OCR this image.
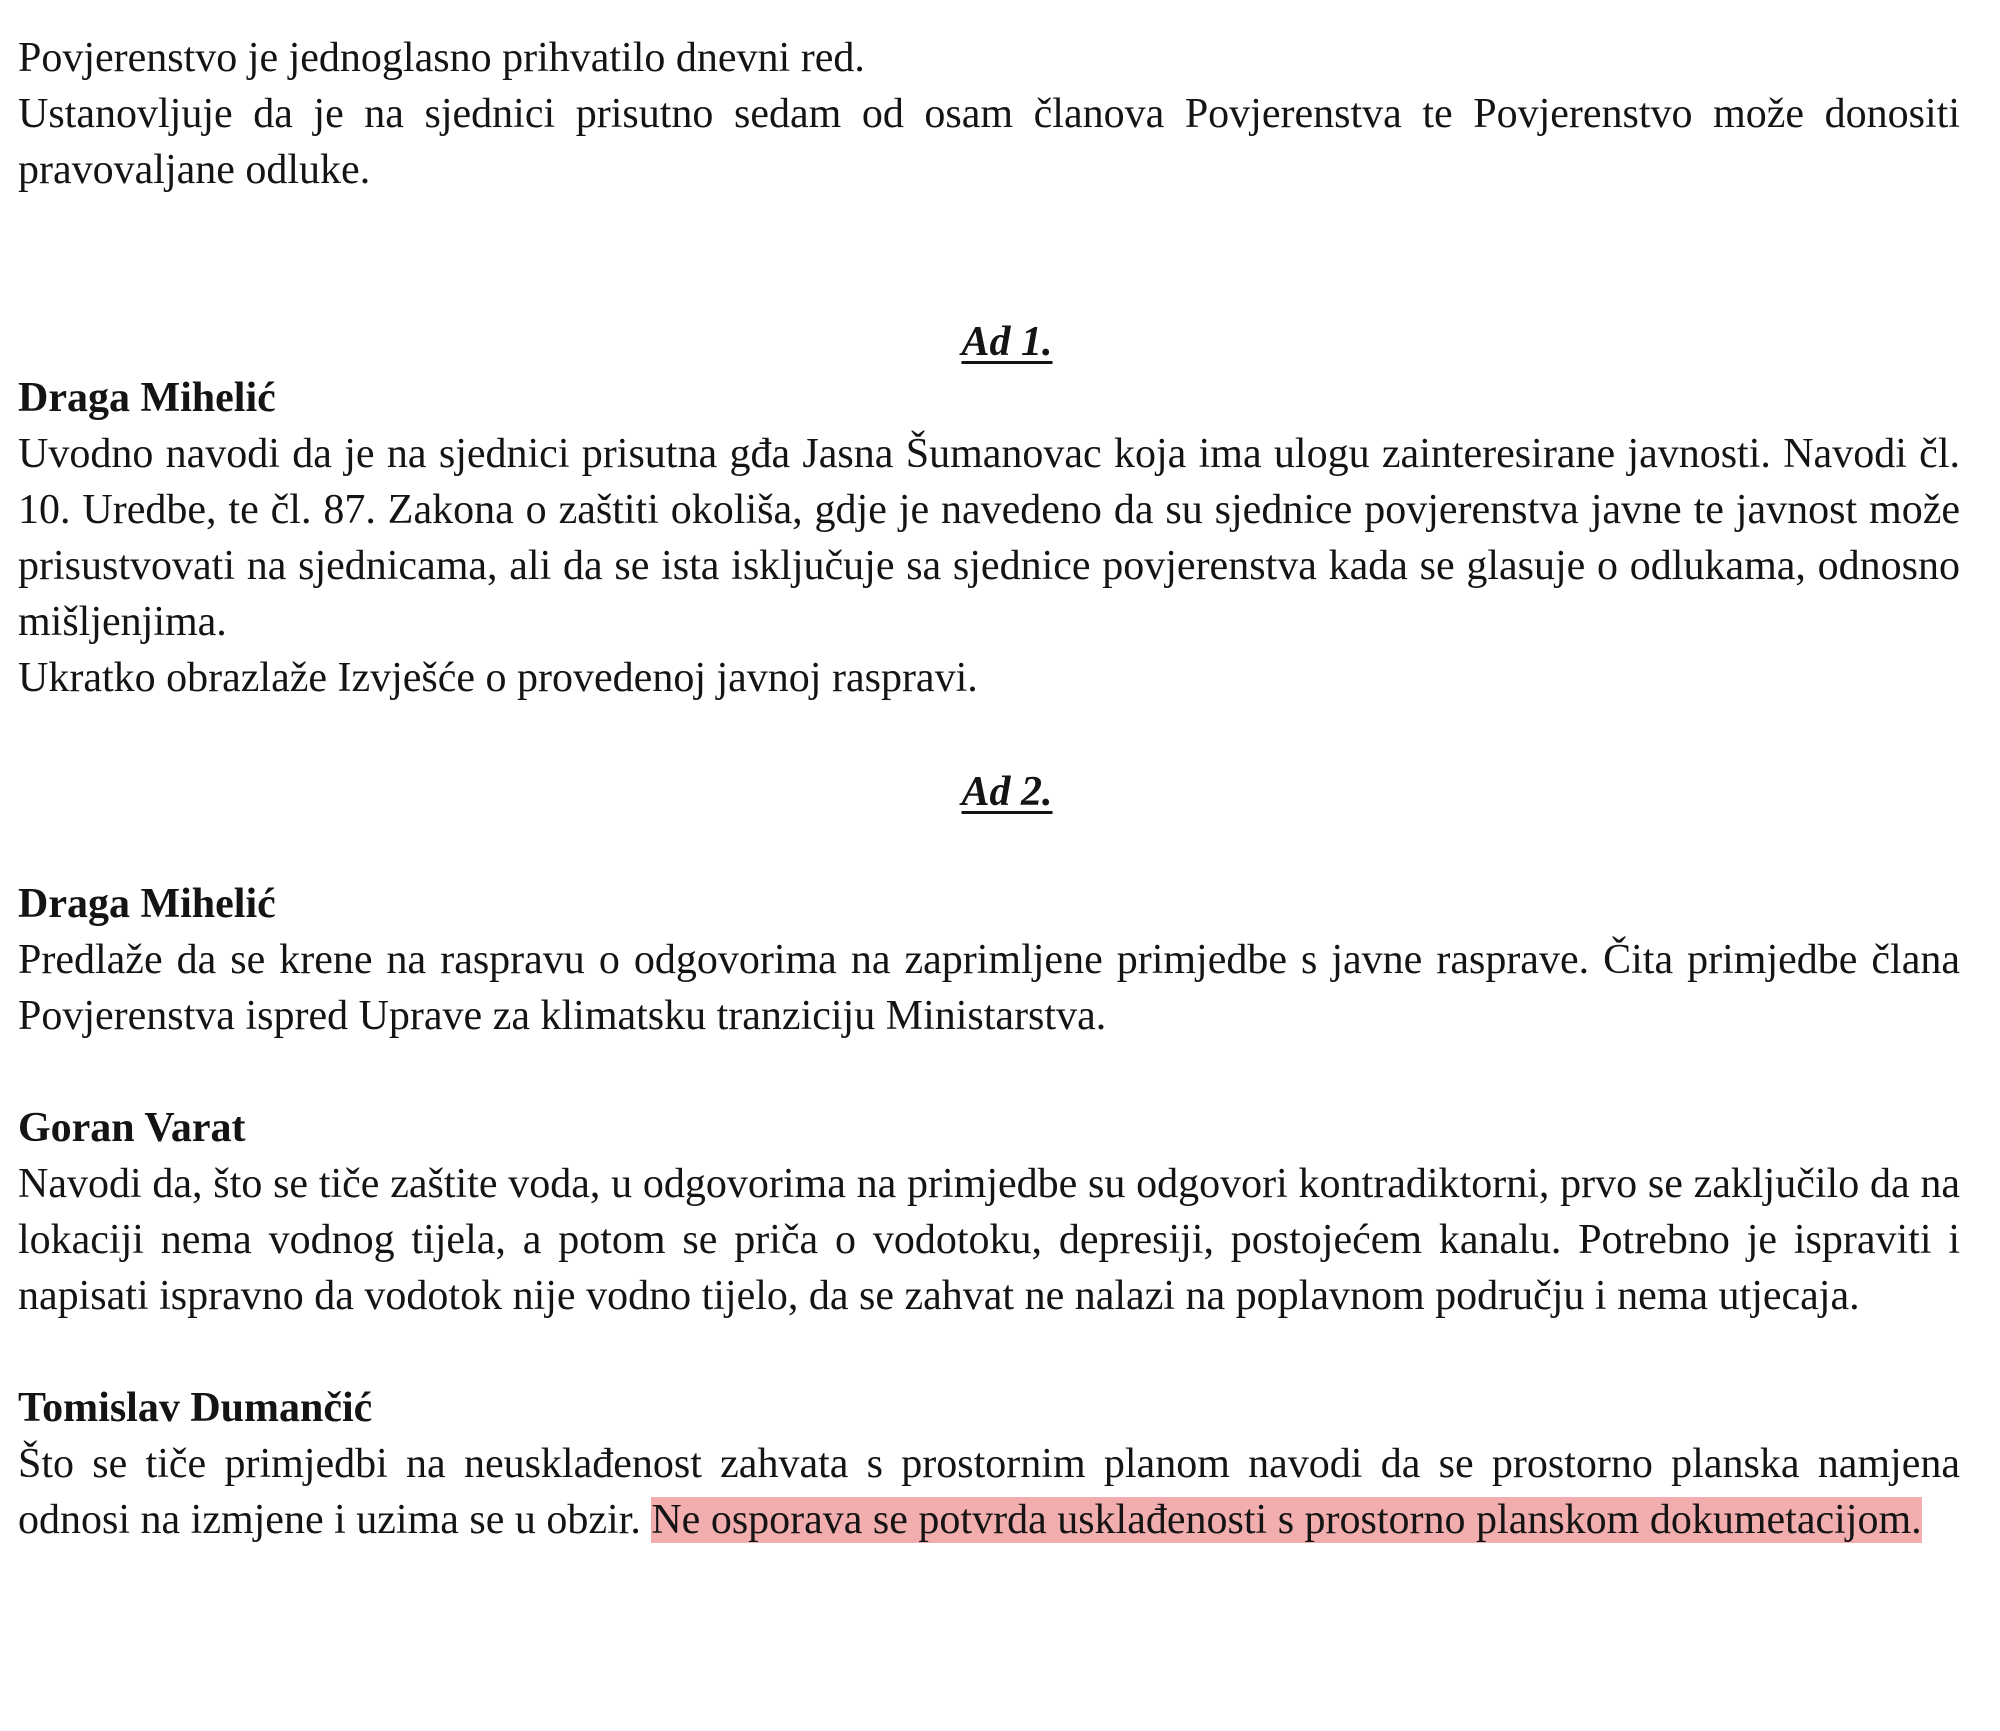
Povjerenstvo je jednoglasno prihvatilo dnevni red.

Ustanovljuje da je na sjednici prisutno sedam od osam članova Povjerenstva te Povjerenstvo može donositi pravovaljane odluke.

Ad 1.
Draga Mihelić

Uvodno navodi da je na sjednici prisutna gđa Jasna Šumanovac koja ima ulogu zainteresirane javnosti. Navodi čl. 10. Uredbe, te čl. 87. Zakona o zaštiti okoliša, gdje je navedeno da su sjednice povjerenstva javne te javnost može prisustvovati na sjednicama, ali da se ista isključuje sa sjednice povjerenstva kada se glasuje o odlukama, odnosno mišljenjima.

Ukratko obrazlaže Izvješće o provedenoj javnoj raspravi.

Ad 2.
Draga Mihelić

Predlaže da se krene na raspravu o odgovorima na zaprimljene primjedbe s javne rasprave. Čita primjedbe člana Povjerenstva ispred Uprave za klimatsku tranziciju Ministarstva.

Goran Varat

Navodi da, što se tiče zaštite voda, u odgovorima na primjedbe su odgovori kontradiktorni, prvo se zaključilo da na lokaciji nema vodnog tijela, a potom se priča o vodotoku, depresiji, postojećem kanalu. Potrebno je ispraviti i napisati ispravno da vodotok nije vodno tijelo, da se zahvat ne nalazi na poplavnom području i nema utjecaja.

Tomislav Dumančić

Što se tiče primjedbi na neusklađenost zahvata s prostornim planom navodi da se prostorno planska namjena odnosi na izmjene i uzima se u obzir. Ne osporava se potvrda usklađenosti s prostorno planskom dokumetacijom.
